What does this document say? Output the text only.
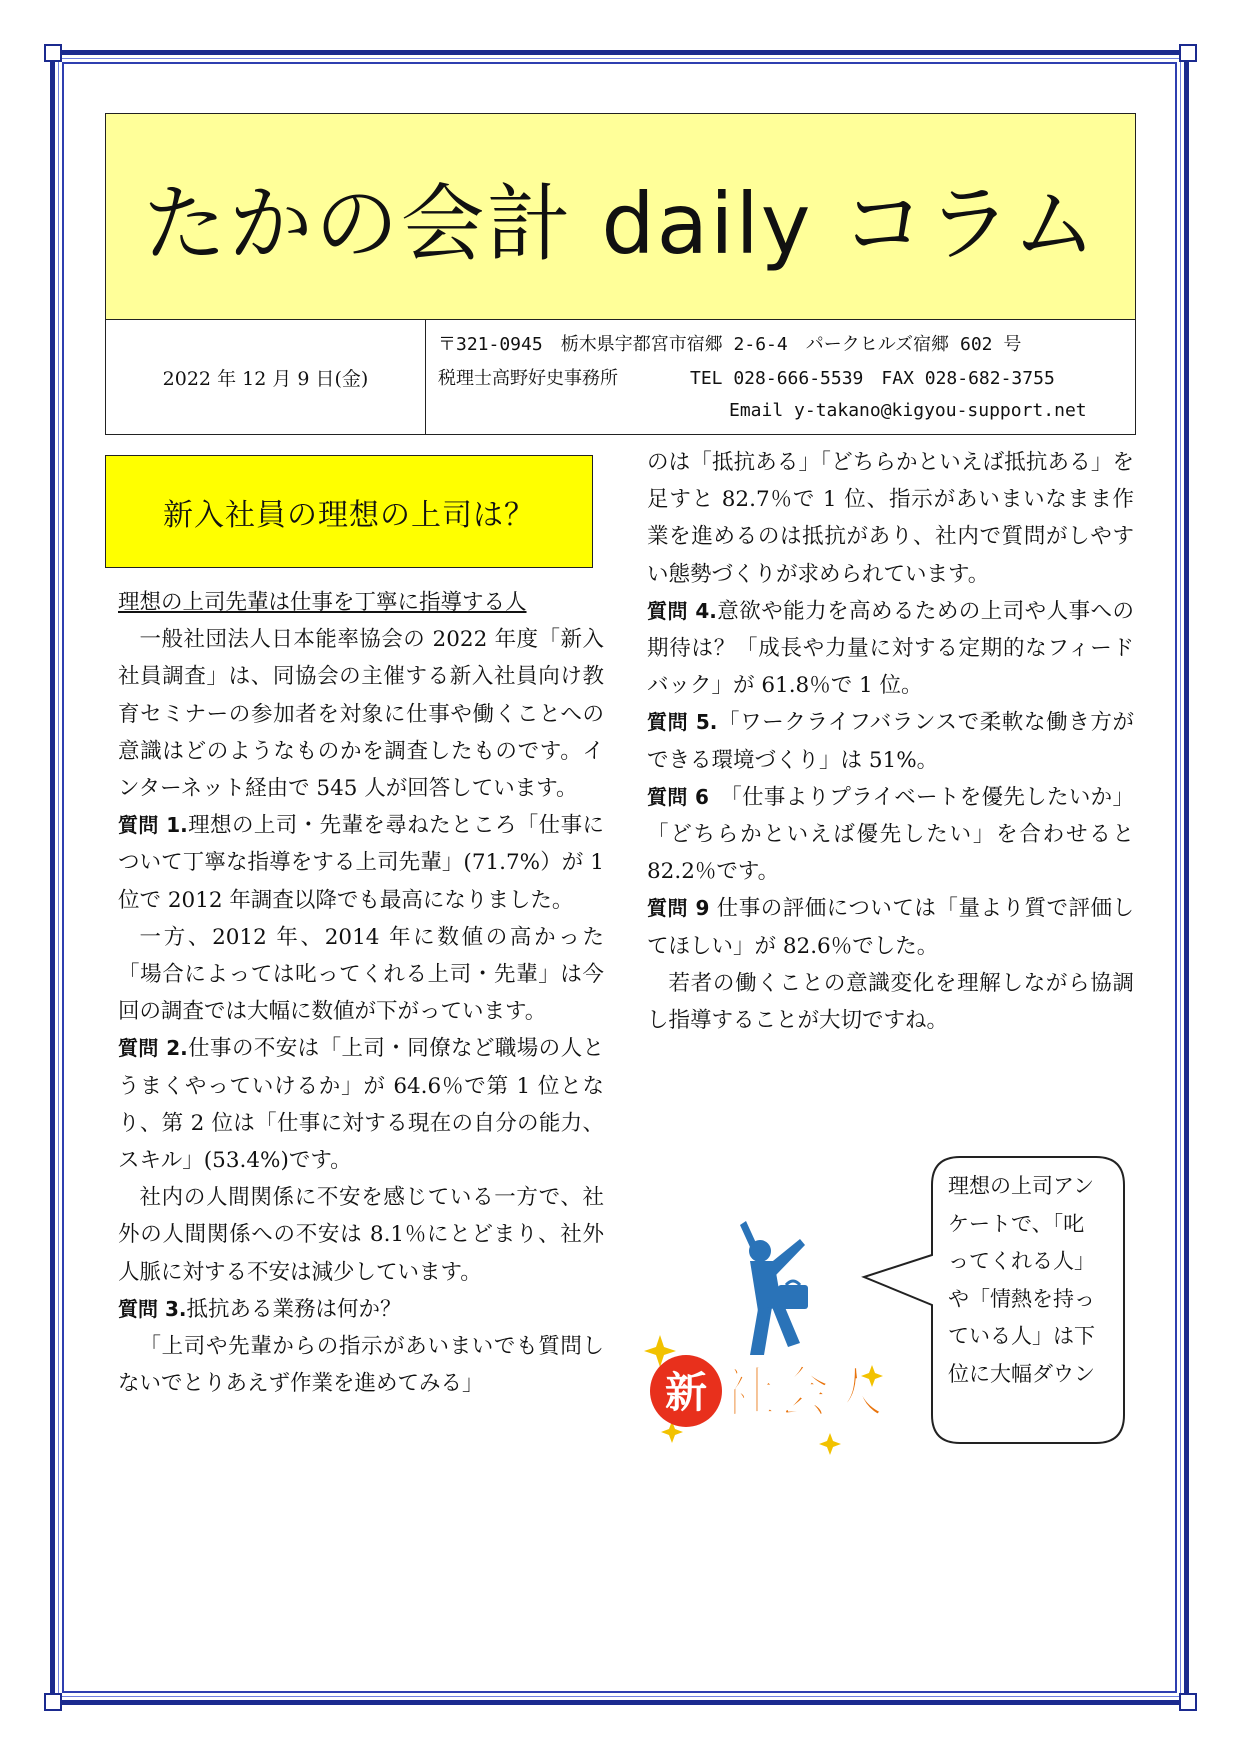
たかの会計 daily コラム
2022 年 12 月 9 日(金)
〒321-0945　栃木県宇都宮市宿郷 2-6-4　パークヒルズ宿郷 602 号
税理士高野好史事務所	TEL 028-666-5539 FAX 028-682-3755
Email y-takano@kigyou-support.net
新入社員の理想の上司は？

理想の上司先輩は仕事を丁寧に指導する人

一般社団法人日本能率協会の 2022 年度「新入社員調査」は、同協会の主催する新入社員向け教育セミナーの参加者を対象に仕事や働くことへの意識はどのようなものかを調査したものです。インターネット経由で 545 人が回答しています。

質問 1.理想の上司・先輩を尋ねたところ「仕事について丁寧な指導をする上司先輩」(71.7%）が 1 位で 2012 年調査以降でも最高になりました。

一方、2012 年、2014 年に数値の高かった「場合によっては叱ってくれる上司・先輩」は今回の調査では大幅に数値が下がっています。

質問 2.仕事の不安は「上司・同僚など職場の人とうまくやっていけるか」が 64.6％で第 1 位となり、第 2 位は「仕事に対する現在の自分の能力、スキル」(53.4%)です。

社内の人間関係に不安を感じている一方で、社外の人間関係への不安は 8.1％にとどまり、社外人脈に対する不安は減少しています。

質問 3.抵抗ある業務は何か？

「上司や先輩からの指示があいまいでも質問しないでとりあえず作業を進めてみる」

のは「抵抗ある」「どちらかといえば抵抗ある」を足すと 82.7％で 1 位、指示があいまいなまま作業を進めるのは抵抗があり、社内で質問がしやすい態勢づくりが求められています。

質問 4.意欲や能力を高めるための上司や人事への期待は？「成長や力量に対する定期的なフィードバック」が 61.8％で 1 位。

質問 5.「ワークライフバランスで柔軟な働き方ができる環境づくり」は 51%。

質問 6　「仕事よりプライベートを優先したいか」「どちらかといえば優先したい」を合わせると 82.2％です。

質問 9 仕事の評価については「量より質で評価してほしい」が 82.6％でした。

若者の働くことの意識変化を理解しながら協調し指導することが大切ですね。

理想の上司アンケートで、「叱ってくれる人」や「情熱を持っている人」は下位に大幅ダウン
新 社会人
